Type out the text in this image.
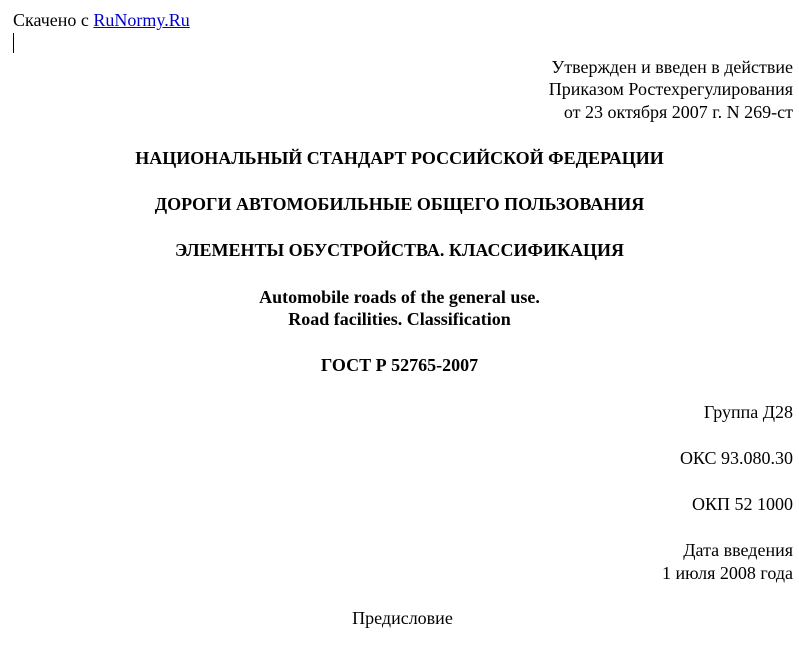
Скачено с RuNormy.Ru
Утвержден и введен в действие
Приказом Ростехрегулирования
от 23 октября 2007 г. N 269-ст
НАЦИОНАЛЬНЫЙ СТАНДАРТ РОССИЙСКОЙ ФЕДЕРАЦИИ
ДОРОГИ АВТОМОБИЛЬНЫЕ ОБЩЕГО ПОЛЬЗОВАНИЯ
ЭЛЕМЕНТЫ ОБУСТРОЙСТВА. КЛАССИФИКАЦИЯ
Automobile roads of the general use.
Road facilities. Classification
ГОСТ Р 52765-2007
Группа Д28
ОКС 93.080.30
ОКП 52 1000
Дата введения
1 июля 2008 года
Предисловие
